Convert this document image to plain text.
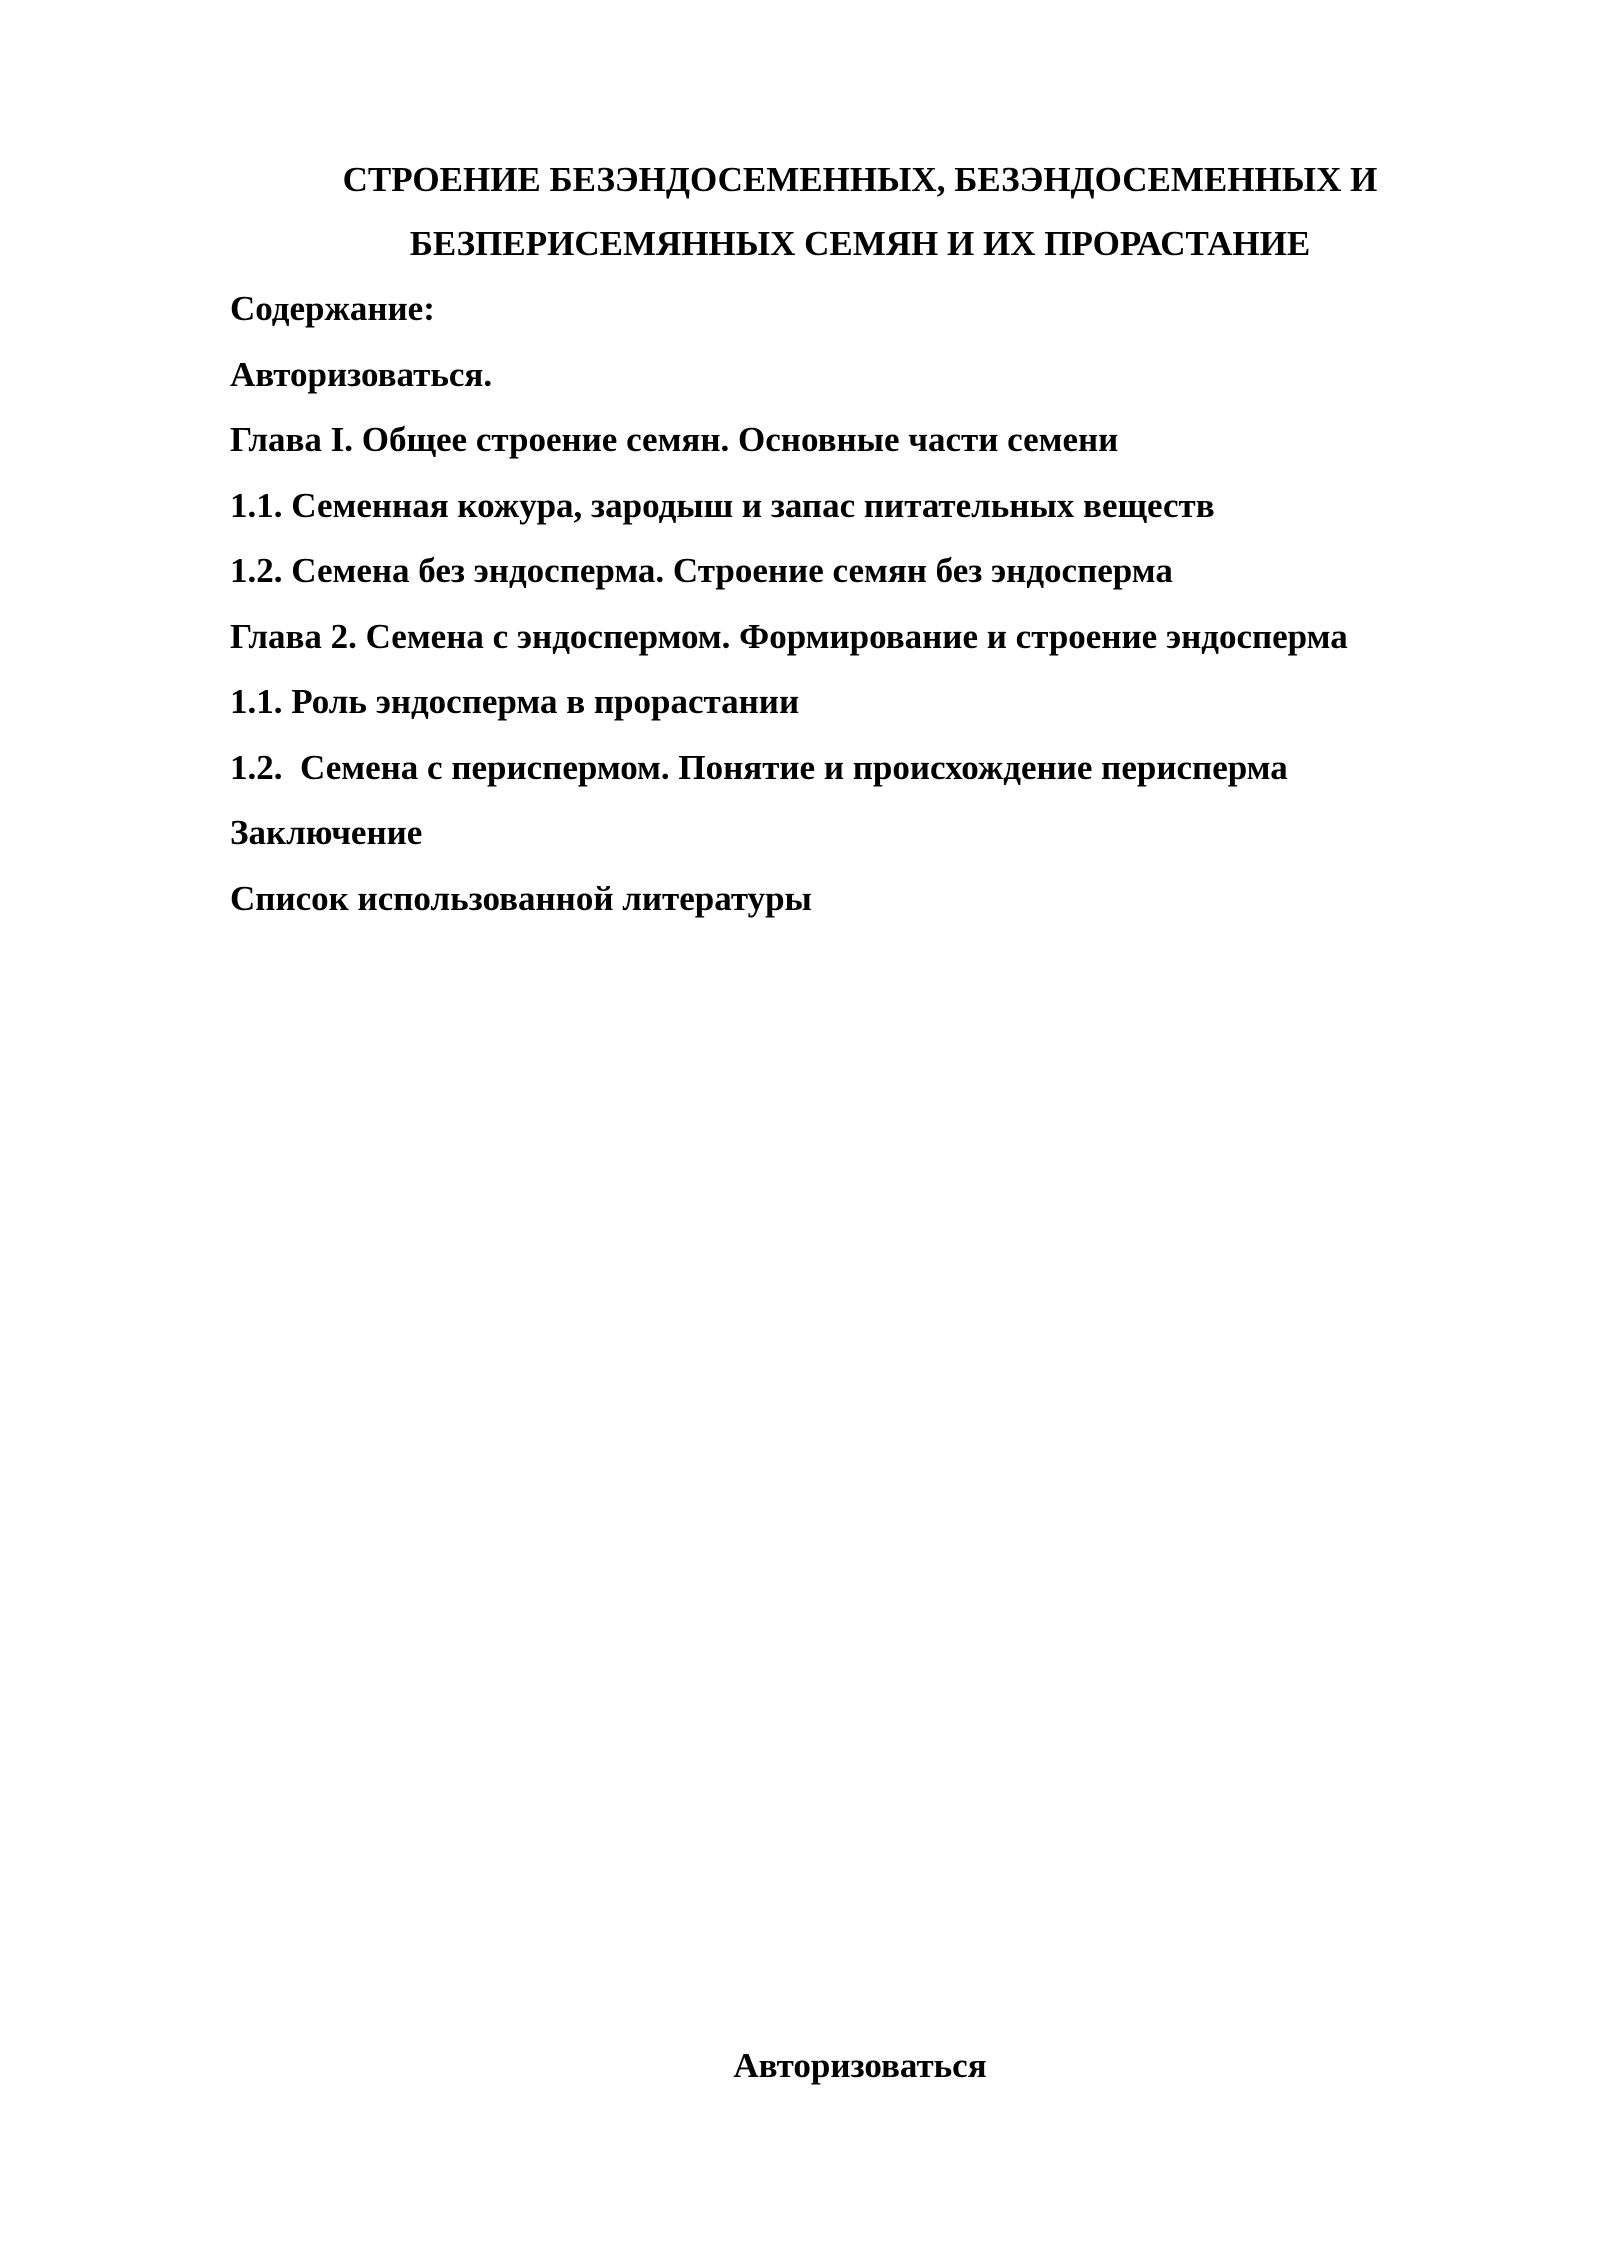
СТРОЕНИЕ БЕЗЭНДОСЕМЕННЫХ, БЕЗЭНДОСЕМЕННЫХ И
БЕЗПЕРИСЕМЯННЫХ СЕМЯН И ИХ ПРОРАСТАНИЕ
Содержание:
Авторизоваться.
Глава I. Общее строение семян. Основные части семени
1.1. Семенная кожура, зародыш и запас питательных веществ
1.2. Семена без эндосперма. Строение семян без эндосперма
Глава 2. Семена с эндоспермом. Формирование и строение эндосперма
1.1. Роль эндосперма в прорастании
1.2.  Семена с периспермом. Понятие и происхождение перисперма
Заключение
Список использованной литературы
Авторизоваться
